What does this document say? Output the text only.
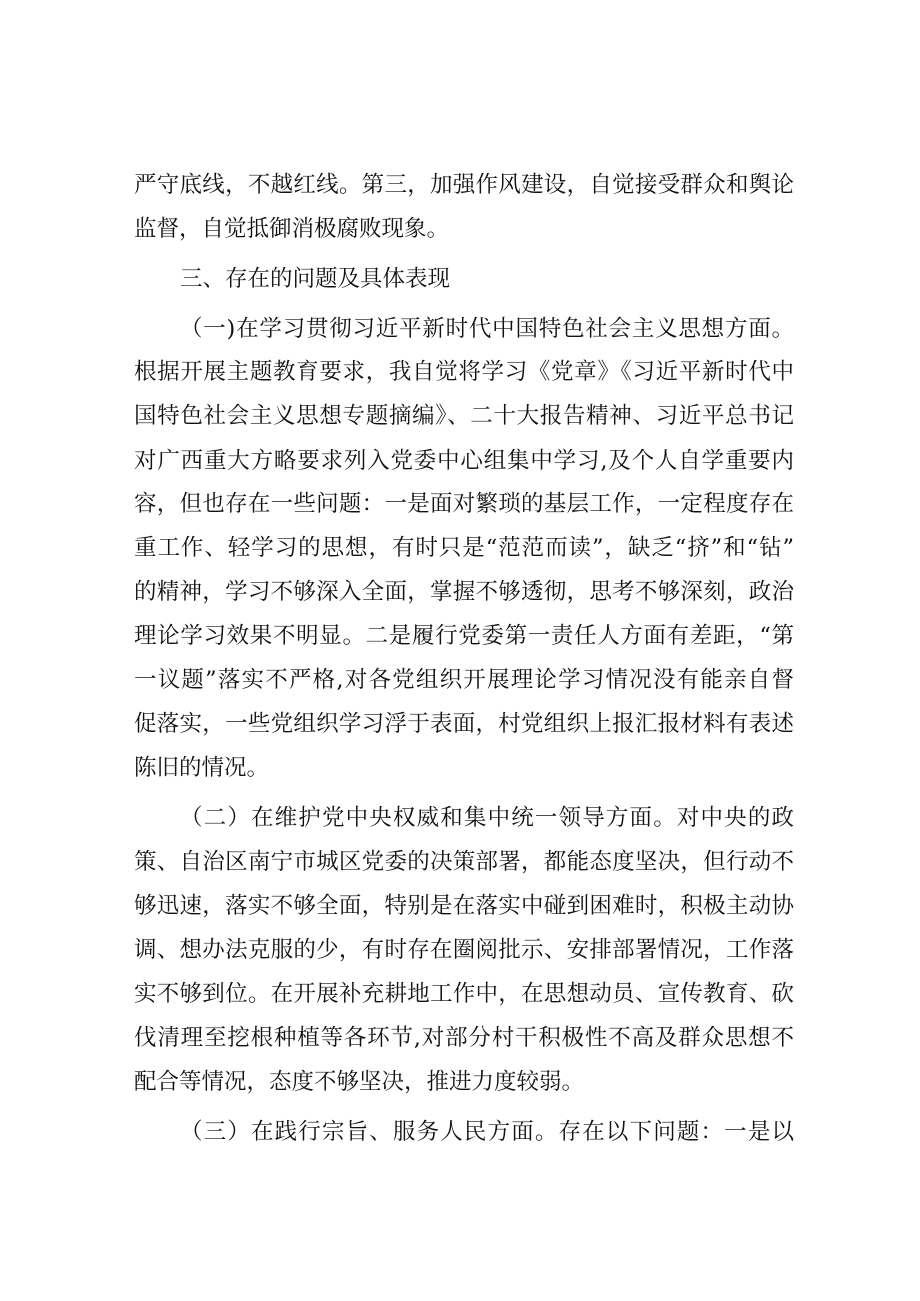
严守底线，不越红线。第三，加强作风建设，自觉接受群众和舆论
监督，自觉抵御消极腐败现象。
三、存在的问题及具体表现
（一)在学习贯彻习近平新时代中国特色社会主义思想方面。
根据开展主题教育要求，我自觉将学习《党章》《习近平新时代中
国特色社会主义思想专题摘编》、二十大报告精神、习近平总书记
对广西重大方略要求列入党委中心组集中学习,及个人自学重要内
容，但也存在一些问题：一是面对繁琐的基层工作，一定程度存在
重工作、轻学习的思想，有时只是“范范而读”，缺乏“挤”和“钻”
的精神，学习不够深入全面，掌握不够透彻，思考不够深刻，政治
理论学习效果不明显。二是履行党委第一责任人方面有差距，“第
一议题”落实不严格,对各党组织开展理论学习情况没有能亲自督
促落实，一些党组织学习浮于表面，村党组织上报汇报材料有表述
陈旧的情况。
（二）在维护党中央权威和集中统一领导方面。对中央的政
策、自治区南宁市城区党委的决策部署，都能态度坚决，但行动不
够迅速，落实不够全面，特别是在落实中碰到困难时，积极主动协
调、想办法克服的少，有时存在圈阅批示、安排部署情况，工作落
实不够到位。在开展补充耕地工作中，在思想动员、宣传教育、砍
伐清理至挖根种植等各环节,对部分村干积极性不高及群众思想不
配合等情况，态度不够坚决，推进力度较弱。
（三）在践行宗旨、服务人民方面。存在以下问题：一是以
